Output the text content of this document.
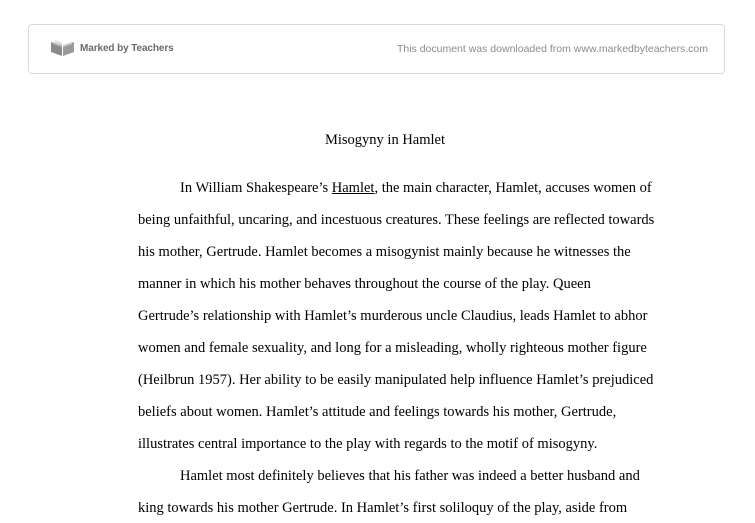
Marked by Teachers	This document was downloaded from www.markedbyteachers.com
Misogyny in Hamlet

In William Shakespeare’s Hamlet, the main character, Hamlet, accuses women of

being unfaithful, uncaring, and incestuous creatures. These feelings are reflected towards

his mother, Gertrude. Hamlet becomes a misogynist mainly because he witnesses the

manner in which his mother behaves throughout the course of the play. Queen

Gertrude’s relationship with Hamlet’s murderous uncle Claudius, leads Hamlet to abhor

women and female sexuality, and long for a misleading, wholly righteous mother figure

(Heilbrun 1957). Her ability to be easily manipulated help influence Hamlet’s prejudiced

beliefs about women. Hamlet’s attitude and feelings towards his mother, Gertrude,

illustrates central importance to the play with regards to the motif of misogyny.

Hamlet most definitely believes that his father was indeed a better husband and

king towards his mother Gertrude. In Hamlet’s first soliloquy of the play, aside from
